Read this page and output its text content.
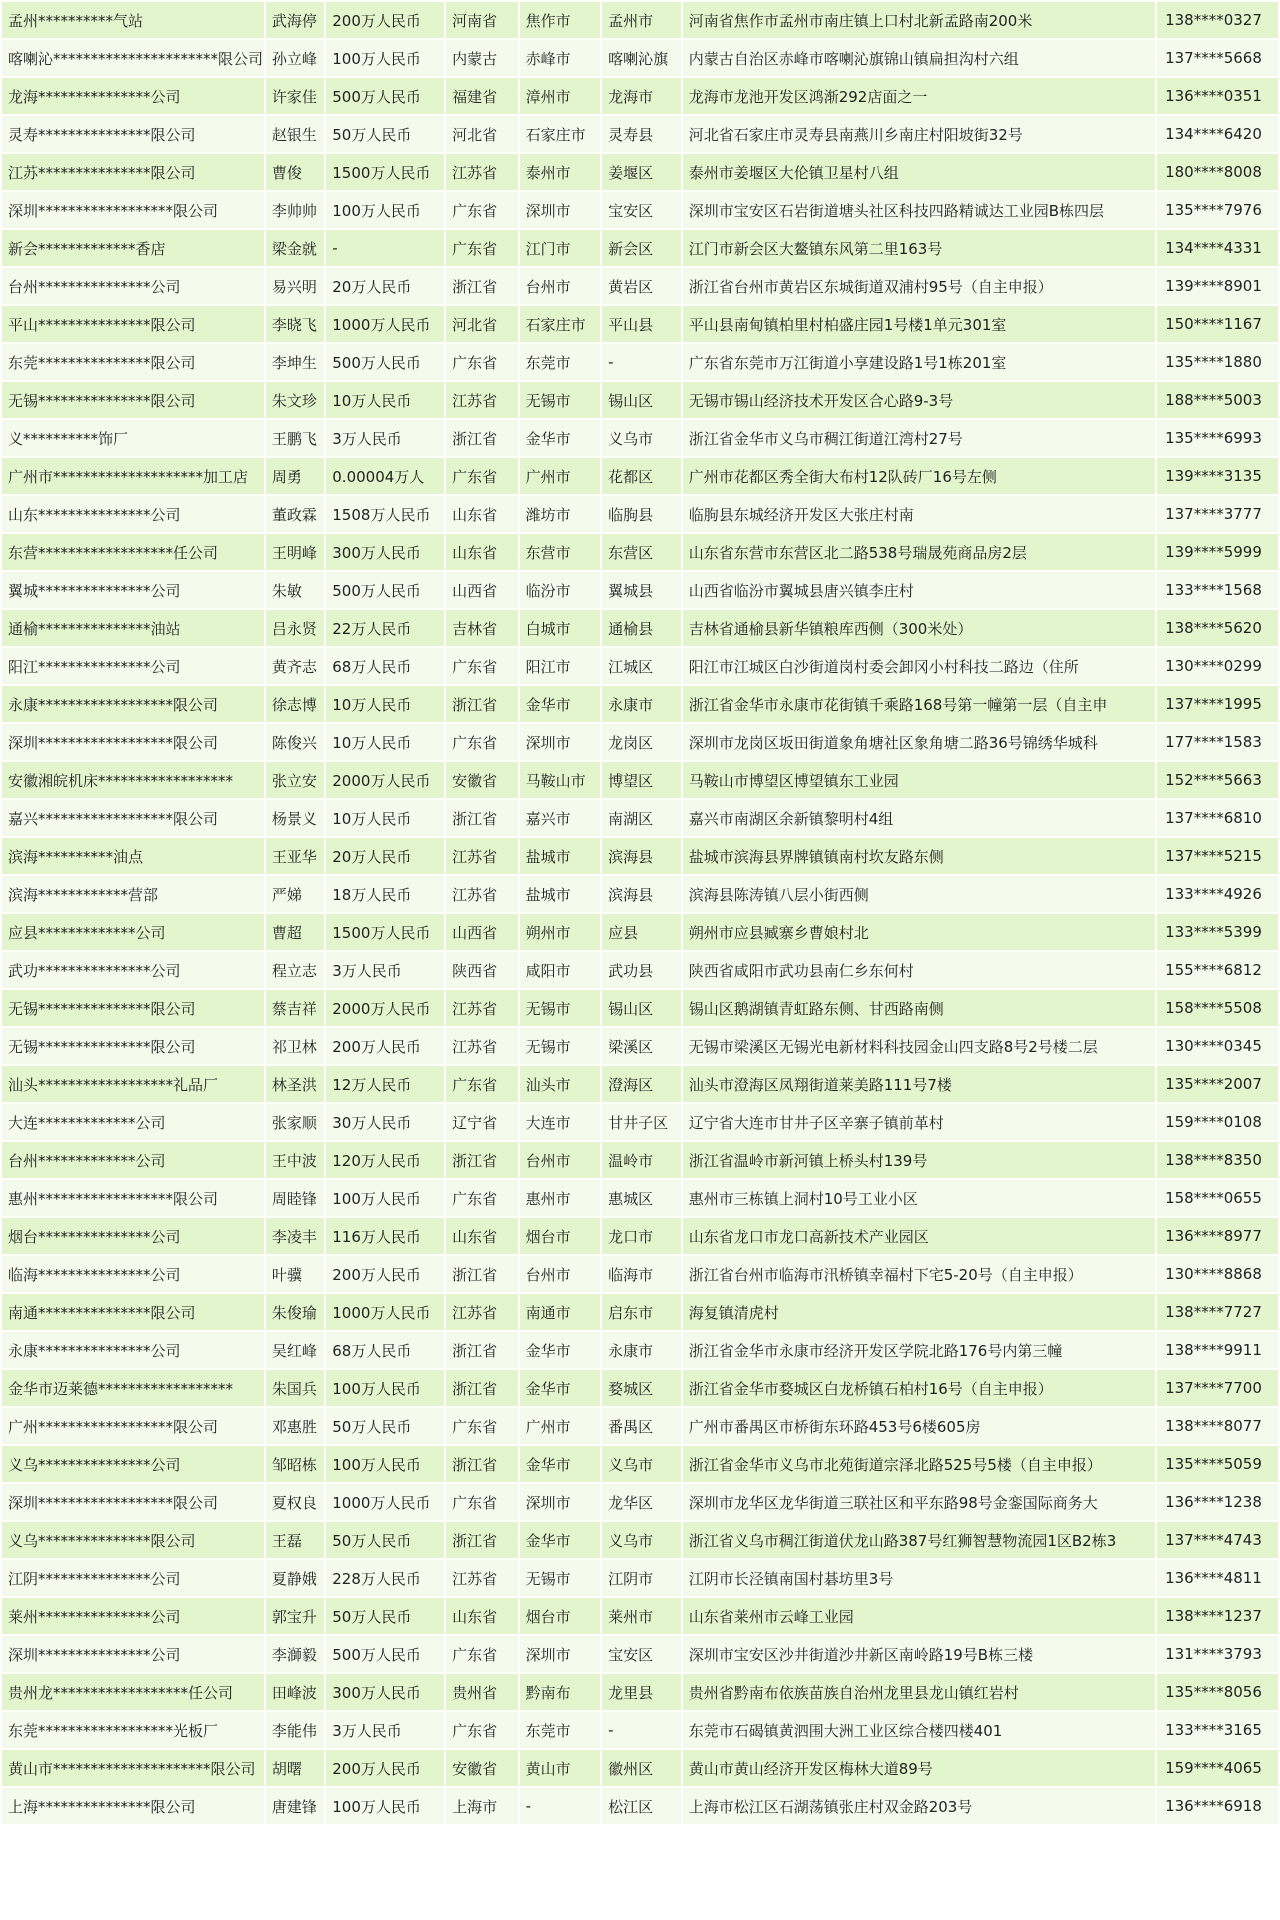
孟州**********气站	武海停	200万人民币	河南省	焦作市	孟州市	河南省焦作市孟州市南庄镇上口村北新孟路南200米	138****0327
喀喇沁**********************限公司	孙立峰	100万人民币	内蒙古	赤峰市	喀喇沁旗	内蒙古自治区赤峰市喀喇沁旗锦山镇扁担沟村六组	137****5668
龙海***************公司	许家佳	500万人民币	福建省	漳州市	龙海市	龙海市龙池开发区鸿渐292店面之一	136****0351
灵寿***************限公司	赵银生	50万人民币	河北省	石家庄市	灵寿县	河北省石家庄市灵寿县南燕川乡南庄村阳坡街32号	134****6420
江苏***************限公司	曹俊	1500万人民币	江苏省	泰州市	姜堰区	泰州市姜堰区大伦镇卫星村八组	180****8008
深圳******************限公司	李帅帅	100万人民币	广东省	深圳市	宝安区	深圳市宝安区石岩街道塘头社区科技四路精诚达工业园B栋四层	135****7976
新会*************香店	梁金就	-	广东省	江门市	新会区	江门市新会区大鳌镇东风第二里163号	134****4331
台州***************公司	易兴明	20万人民币	浙江省	台州市	黄岩区	浙江省台州市黄岩区东城街道双浦村95号（自主申报）	139****8901
平山***************限公司	李晓飞	1000万人民币	河北省	石家庄市	平山县	平山县南甸镇柏里村柏盛庄园1号楼1单元301室	150****1167
东莞***************限公司	李坤生	500万人民币	广东省	东莞市	-	广东省东莞市万江街道小享建设路1号1栋201室	135****1880
无锡***************限公司	朱文珍	10万人民币	江苏省	无锡市	锡山区	无锡市锡山经济技术开发区合心路9-3号	188****5003
义**********饰厂	王鹏飞	3万人民币	浙江省	金华市	义乌市	浙江省金华市义乌市稠江街道江湾村27号	135****6993
广州市********************加工店	周勇	0.00004万人	广东省	广州市	花都区	广州市花都区秀全街大布村12队砖厂16号左侧	139****3135
山东***************公司	董政霖	1508万人民币	山东省	潍坊市	临朐县	临朐县东城经济开发区大张庄村南	137****3777
东营******************任公司	王明峰	300万人民币	山东省	东营市	东营区	山东省东营市东营区北二路538号瑞晟苑商品房2层	139****5999
翼城***************公司	朱敏	500万人民币	山西省	临汾市	翼城县	山西省临汾市翼城县唐兴镇李庄村	133****1568
通榆***************油站	吕永贤	22万人民币	吉林省	白城市	通榆县	吉林省通榆县新华镇粮库西侧（300米处）	138****5620
阳江***************公司	黄齐志	68万人民币	广东省	阳江市	江城区	阳江市江城区白沙街道岗村委会卸冈小村科技二路边（住所	130****0299
永康******************限公司	徐志博	10万人民币	浙江省	金华市	永康市	浙江省金华市永康市花街镇千乘路168号第一幢第一层（自主申	137****1995
深圳******************限公司	陈俊兴	10万人民币	广东省	深圳市	龙岗区	深圳市龙岗区坂田街道象角塘社区象角塘二路36号锦绣华城科	177****1583
安徽湘皖机床******************	张立安	2000万人民币	安徽省	马鞍山市	博望区	马鞍山市博望区博望镇东工业园	152****5663
嘉兴******************限公司	杨景义	10万人民币	浙江省	嘉兴市	南湖区	嘉兴市南湖区余新镇黎明村4组	137****6810
滨海**********油点	王亚华	20万人民币	江苏省	盐城市	滨海县	盐城市滨海县界牌镇镇南村坎友路东侧	137****5215
滨海************营部	严娣	18万人民币	江苏省	盐城市	滨海县	滨海县陈涛镇八层小街西侧	133****4926
应县*************公司	曹超	1500万人民币	山西省	朔州市	应县	朔州市应县臧寨乡曹娘村北	133****5399
武功***************公司	程立志	3万人民币	陕西省	咸阳市	武功县	陕西省咸阳市武功县南仁乡东何村	155****6812
无锡***************限公司	蔡吉祥	2000万人民币	江苏省	无锡市	锡山区	锡山区鹅湖镇青虹路东侧、甘西路南侧	158****5508
无锡***************限公司	祁卫林	200万人民币	江苏省	无锡市	梁溪区	无锡市梁溪区无锡光电新材料科技园金山四支路8号2号楼二层	130****0345
汕头******************礼品厂	林圣洪	12万人民币	广东省	汕头市	澄海区	汕头市澄海区凤翔街道莱美路111号7楼	135****2007
大连*************公司	张家顺	30万人民币	辽宁省	大连市	甘井子区	辽宁省大连市甘井子区辛寨子镇前革村	159****0108
台州*************公司	王中波	120万人民币	浙江省	台州市	温岭市	浙江省温岭市新河镇上桥头村139号	138****8350
惠州******************限公司	周睦锋	100万人民币	广东省	惠州市	惠城区	惠州市三栋镇上洞村10号工业小区	158****0655
烟台***************公司	李凌丰	116万人民币	山东省	烟台市	龙口市	山东省龙口市龙口高新技术产业园区	136****8977
临海***************公司	叶骥	200万人民币	浙江省	台州市	临海市	浙江省台州市临海市汛桥镇幸福村下宅5-20号（自主申报）	130****8868
南通***************限公司	朱俊瑜	1000万人民币	江苏省	南通市	启东市	海复镇清虎村	138****7727
永康***************公司	吴红峰	68万人民币	浙江省	金华市	永康市	浙江省金华市永康市经济开发区学院北路176号内第三幢	138****9911
金华市迈莱德******************	朱国兵	100万人民币	浙江省	金华市	婺城区	浙江省金华市婺城区白龙桥镇石柏村16号（自主申报）	137****7700
广州******************限公司	邓惠胜	50万人民币	广东省	广州市	番禺区	广州市番禺区市桥街东环路453号6楼605房	138****8077
义乌***************公司	邹昭栋	100万人民币	浙江省	金华市	义乌市	浙江省金华市义乌市北苑街道宗泽北路525号5楼（自主申报）	135****5059
深圳******************限公司	夏权良	1000万人民币	广东省	深圳市	龙华区	深圳市龙华区龙华街道三联社区和平东路98号金銮国际商务大	136****1238
义乌***************限公司	王磊	50万人民币	浙江省	金华市	义乌市	浙江省义乌市稠江街道伏龙山路387号红狮智慧物流园1区B2栋3	137****4743
江阴***************公司	夏静娥	228万人民币	江苏省	无锡市	江阴市	江阴市长泾镇南国村碁坊里3号	136****4811
莱州***************公司	郭宝升	50万人民币	山东省	烟台市	莱州市	山东省莱州市云峰工业园	138****1237
深圳***************公司	李溮毅	500万人民币	广东省	深圳市	宝安区	深圳市宝安区沙井街道沙井新区南岭路19号B栋三楼	131****3793
贵州龙******************任公司	田峰波	300万人民币	贵州省	黔南布	龙里县	贵州省黔南布依族苗族自治州龙里县龙山镇红岩村	135****8056
东莞******************光板厂	李能伟	3万人民币	广东省	东莞市	-	东莞市石碣镇黄泗围大洲工业区综合楼四楼401	133****3165
黄山市*********************限公司	胡曙	200万人民币	安徽省	黄山市	徽州区	黄山市黄山经济开发区梅林大道89号	159****4065
上海***************限公司	唐建锋	100万人民币	上海市	-	松江区	上海市松江区石湖荡镇张庄村双金路203号	136****6918
